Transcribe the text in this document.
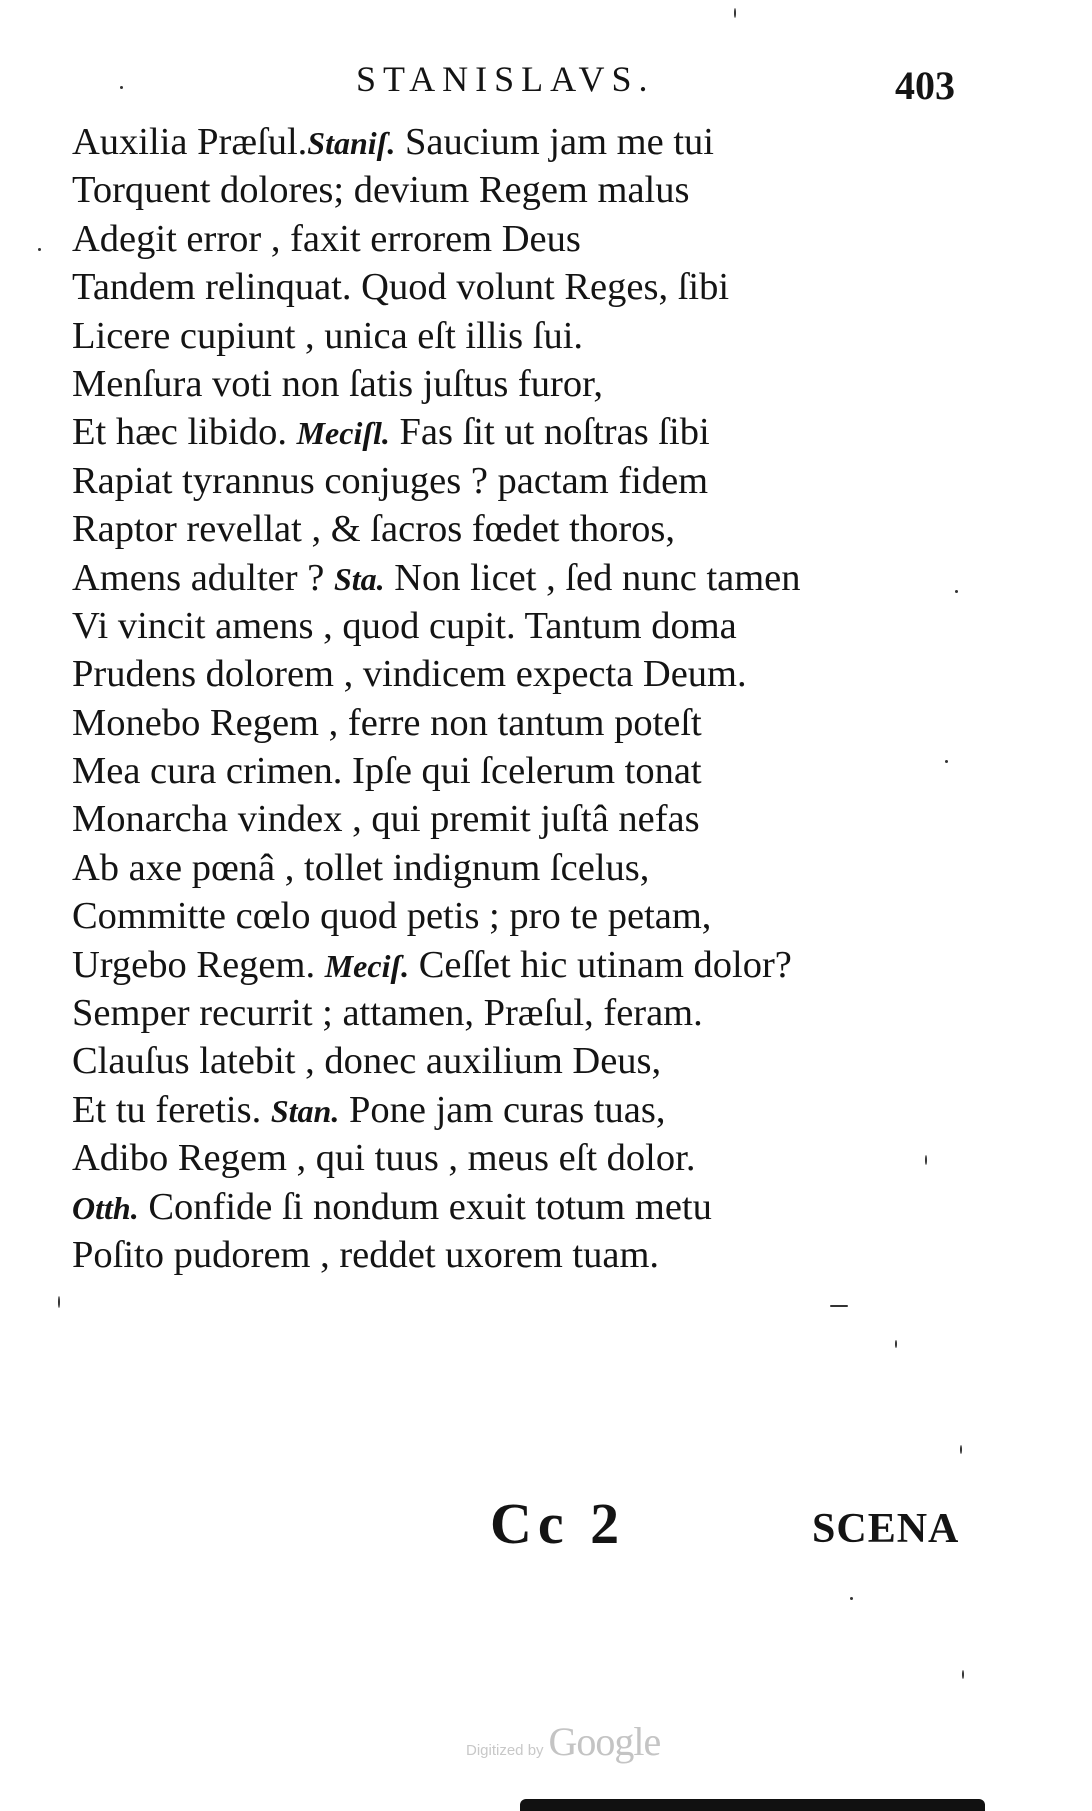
STANISLAVS.	403
Auxilia Præſul.Staniſ. Saucium jam me tui
Torquent dolores; devium Regem malus
Adegit error , faxit errorem Deus
Tandem relinquat. Quod volunt Reges, ſibi
Licere cupiunt , unica eſt illis ſui.
Menſura voti non ſatis juſtus furor,
Et hæc libido. Meciſl. Fas ſit ut noſtras ſibi
Rapiat tyrannus conjuges ? pactam fidem
Raptor revellat , & ſacros fœdet thoros,
Amens adulter ? Sta. Non licet , ſed nunc tamen
Vi vincit amens , quod cupit. Tantum doma
Prudens dolorem , vindicem expecta Deum.
Monebo Regem , ferre non tantum poteſt
Mea cura crimen. Ipſe qui ſcelerum tonat
Monarcha vindex , qui premit juſtâ nefas
Ab axe pœnâ , tollet indignum ſcelus,
Committe cœlo quod petis ; pro te petam,
Urgebo Regem. Meciſ. Ceſſet hic utinam dolor?
Semper recurrit ; attamen, Præſul, feram.
Clauſus latebit , donec auxilium Deus,
Et tu feretis. Stan. Pone jam curas tuas,
Adibo Regem , qui tuus , meus eſt dolor.
Otth. Confide ſi nondum exuit totum metu
Poſito pudorem , reddet uxorem tuam.
Cc 2	SCENA
Digitized by Google
